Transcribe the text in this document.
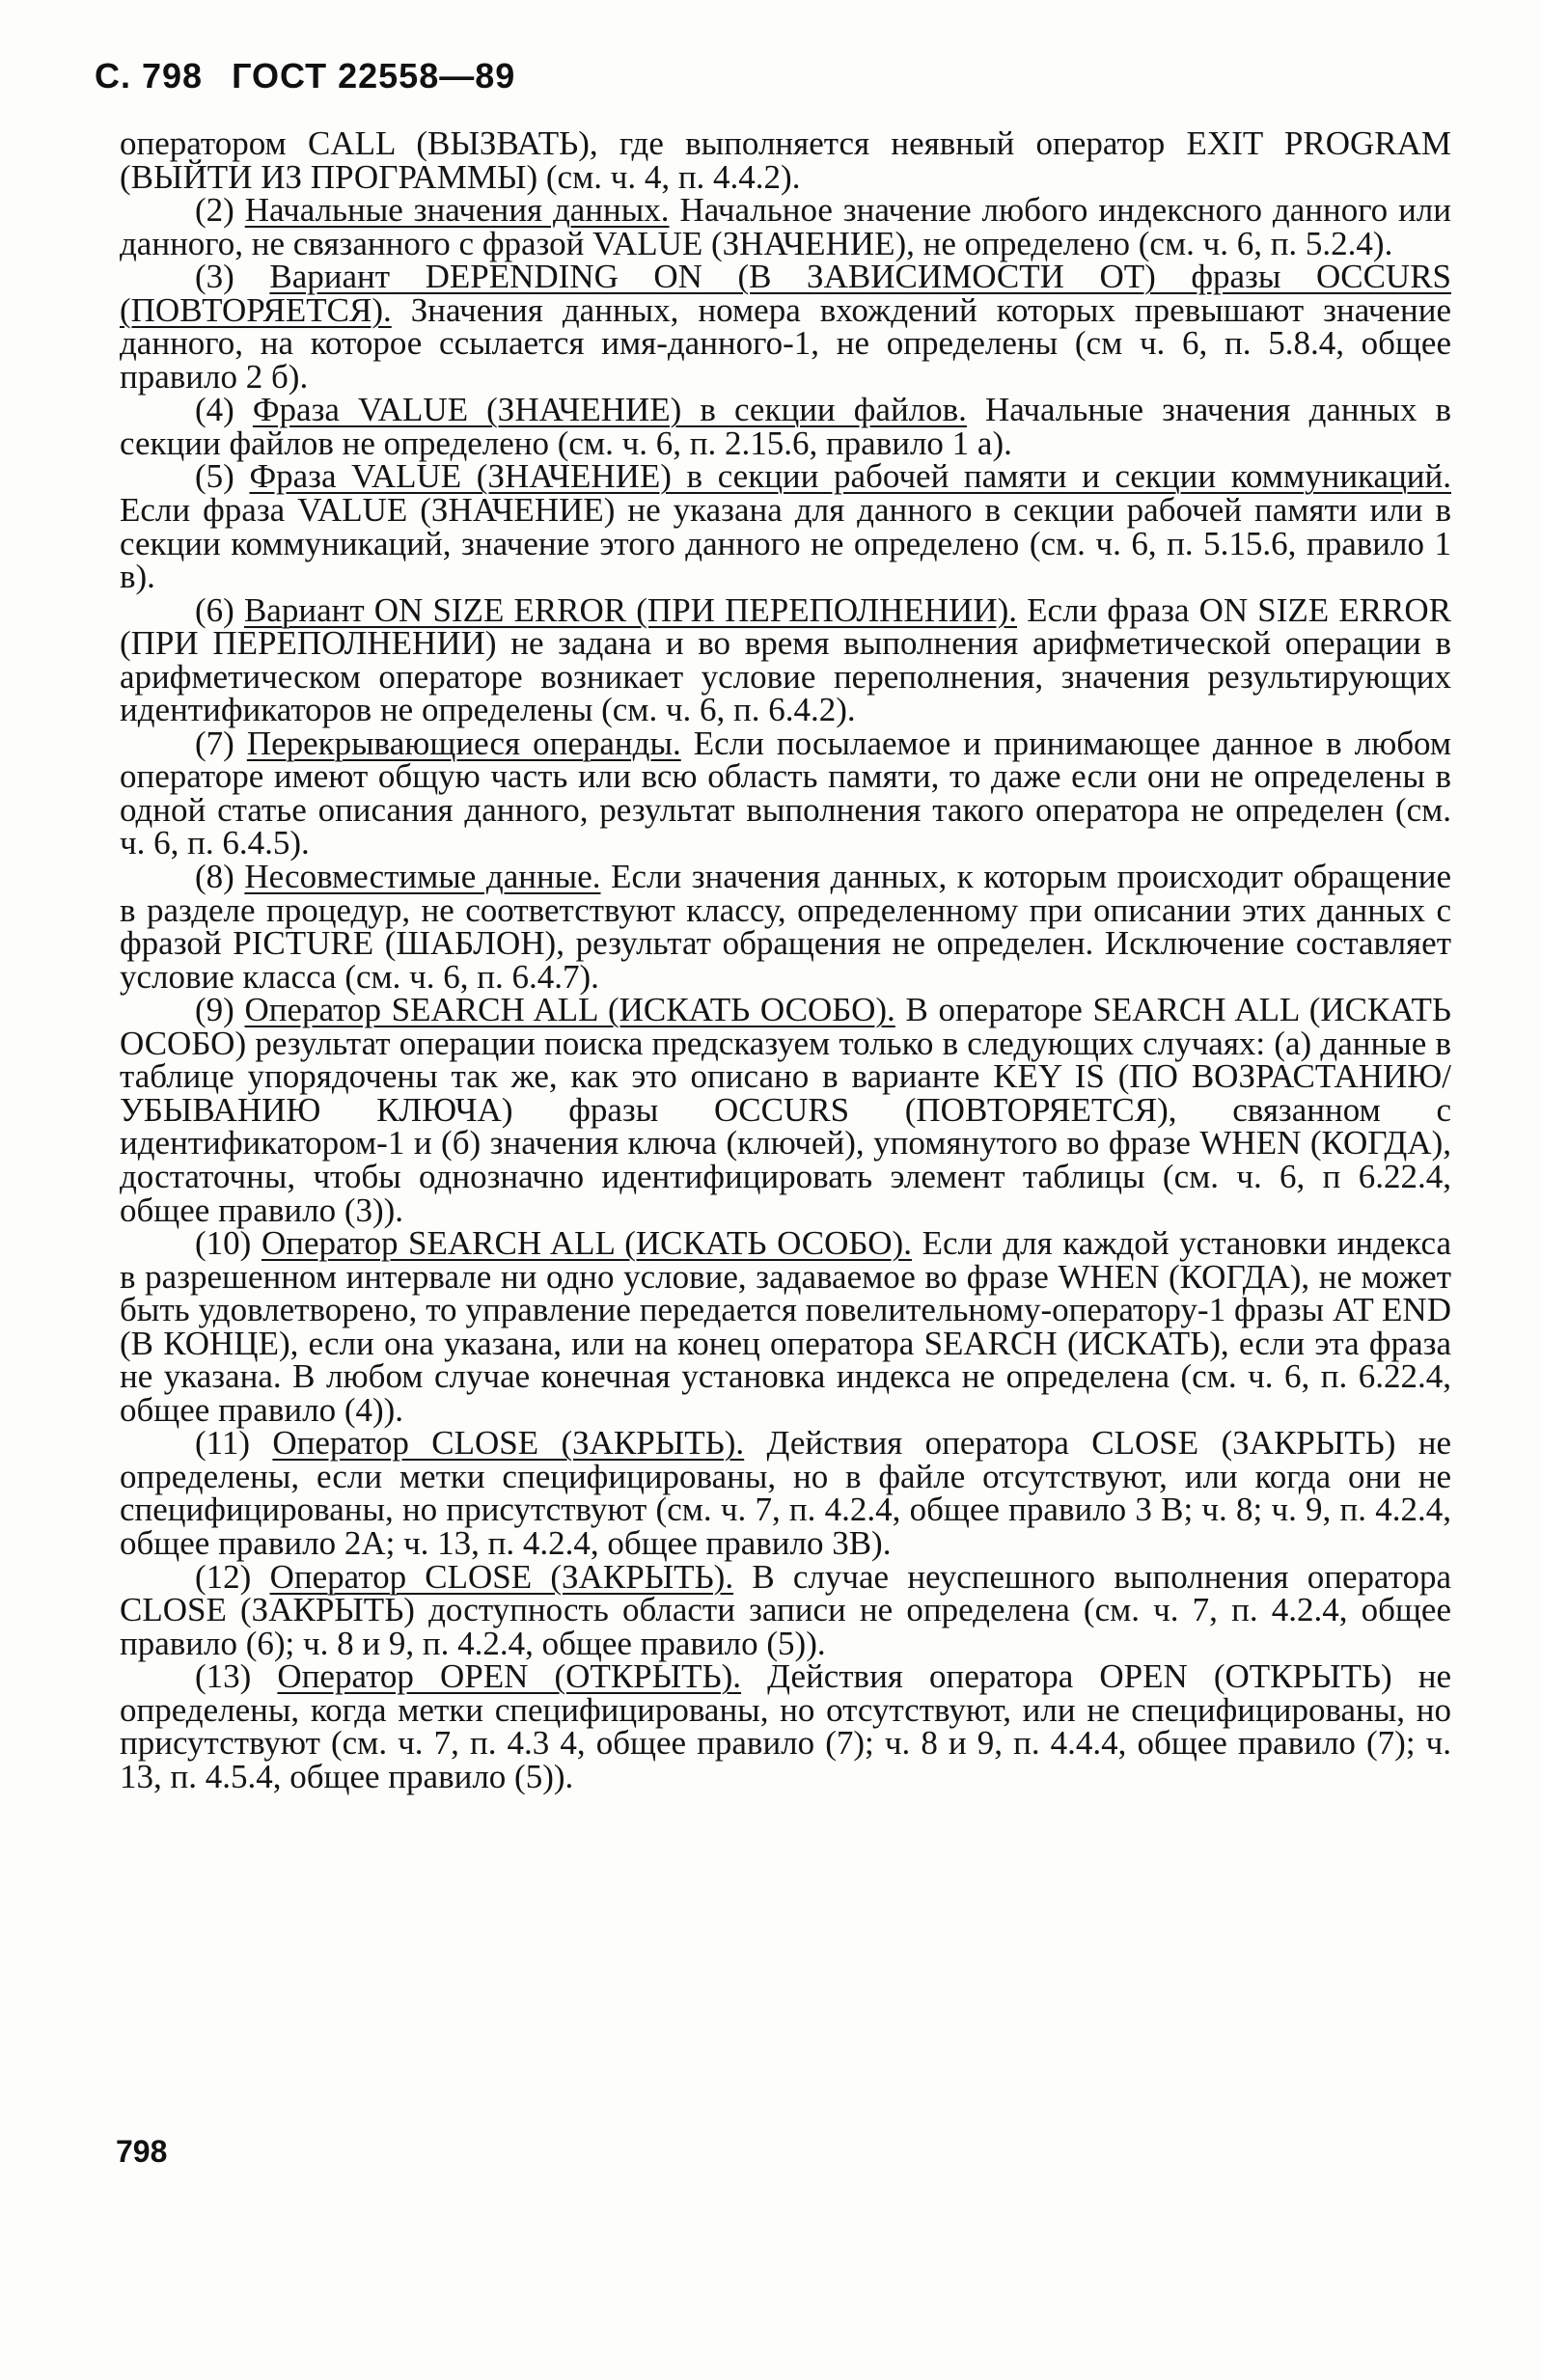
С. 798 ГОСТ 22558—89

оператором CALL (ВЫЗВАТЬ), где выполняется неявный оператор EXIT PROGRAM (ВЫЙТИ ИЗ ПРОГРАММЫ) (см. ч. 4, п. 4.4.2).

(2) Начальные значения данных. Начальное значение любого индексного данного или данного, не связанного с фразой VALUE (ЗНАЧЕНИЕ), не определено (см. ч. 6, п. 5.2.4).

(3) Вариант DEPENDING ON (В ЗАВИСИМОСТИ ОТ) фразы OCCURS (ПОВТОРЯЕТСЯ). Значения данных, номера вхождений которых превышают значение данного, на которое ссылается имя-данного-1, не определены (см ч. 6, п. 5.8.4, общее правило 2 б).

(4) Фраза VALUE (ЗНАЧЕНИЕ) в секции файлов. Начальные значения данных в секции файлов не определено (см. ч. 6, п. 2.15.6, правило 1 а).

(5) Фраза VALUE (ЗНАЧЕНИЕ) в секции рабочей памяти и секции коммуникаций. Если фраза VALUE (ЗНАЧЕНИЕ) не указана для данного в секции рабочей памяти или в секции коммуникаций, значение этого данного не определено (см. ч. 6, п. 5.15.6, правило 1 в).

(6) Вариант ON SIZE ERROR (ПРИ ПЕРЕПОЛНЕНИИ). Если фраза ON SIZE ERROR (ПРИ ПЕРЕПОЛНЕНИИ) не задана и во время выполнения арифметической операции в арифметическом операторе возникает условие переполнения, значения результирующих идентификаторов не определены (см. ч. 6, п. 6.4.2).

(7) Перекрывающиеся операнды. Если посылаемое и принимающее данное в любом операторе имеют общую часть или всю область памяти, то даже если они не определены в одной статье описания данного, результат выполнения такого оператора не определен (см. ч. 6, п. 6.4.5).

(8) Несовместимые данные. Если значения данных, к которым происходит обращение в разделе процедур, не соответствуют классу, определенному при описании этих данных с фразой PICTURE (ШАБЛОН), результат обращения не определен. Исключение составляет условие класса (см. ч. 6, п. 6.4.7).

(9) Оператор SEARCH ALL (ИСКАТЬ ОСОБО). В операторе SEARCH ALL (ИСКАТЬ ОСОБО) результат операции поиска предсказуем только в следующих случаях: (а) данные в таблице упорядочены так же, как это описано в варианте KEY IS (ПО ВОЗРАСТАНИЮ/УБЫВАНИЮ КЛЮЧА) фразы OCCURS (ПОВТОРЯЕТСЯ), связанном с идентификатором-1 и (б) значения ключа (ключей), упомянутого во фразе WHEN (КОГДА), достаточны, чтобы однозначно идентифицировать элемент таблицы (см. ч. 6, п 6.22.4, общее правило (3)).

(10) Оператор SEARCH ALL (ИСКАТЬ ОСОБО). Если для каждой установки индекса в разрешенном интервале ни одно условие, задаваемое во фразе WHEN (КОГДА), не может быть удовлетворено, то управление передается повелительному-оператору-1 фразы AT END (В КОНЦЕ), если она указана, или на конец оператора SEARCH (ИСКАТЬ), если эта фраза не указана. В любом случае конечная установка индекса не определена (см. ч. 6, п. 6.22.4, общее правило (4)).

(11) Оператор CLOSE (ЗАКРЫТЬ). Действия оператора CLOSE (ЗАКРЫТЬ) не определены, если метки специфицированы, но в файле отсутствуют, или когда они не специфицированы, но присутствуют (см. ч. 7, п. 4.2.4, общее правило 3 В; ч. 8; ч. 9, п. 4.2.4, общее правило 2А; ч. 13, п. 4.2.4, общее правило 3В).

(12) Оператор CLOSE (ЗАКРЫТЬ). В случае неуспешного выполнения оператора CLOSE (ЗАКРЫТЬ) доступность области записи не определена (см. ч. 7, п. 4.2.4, общее правило (6); ч. 8 и 9, п. 4.2.4, общее правило (5)).

(13) Оператор OPEN (ОТКРЫТЬ). Действия оператора OPEN (ОТКРЫТЬ) не определены, когда метки специфицированы, но отсутствуют, или не специфицированы, но присутствуют (см. ч. 7, п. 4.3 4, общее правило (7); ч. 8 и 9, п. 4.4.4, общее правило (7); ч. 13, п. 4.5.4, общее правило (5)).

798
